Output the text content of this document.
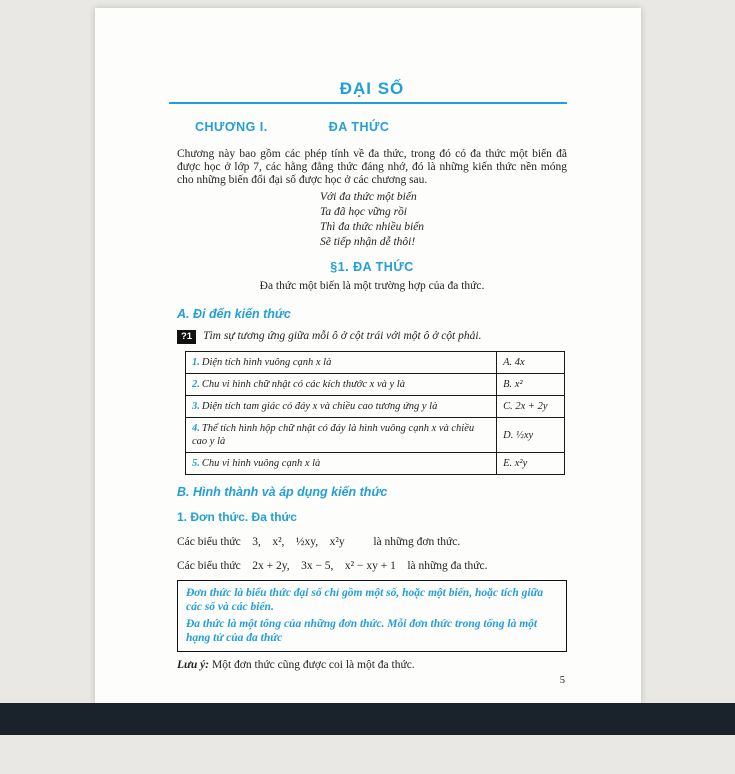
ĐẠI SỐ
CHƯƠNG I.	ĐA THỨC

Chương này bao gồm các phép tính về đa thức, trong đó có đa thức một biến đã được học ở lớp 7, các hằng đẳng thức đáng nhớ, đó là những kiến thức nền móng cho những biến đổi đại số được học ở các chương sau.

Với đa thức một biến
Ta đã học vững rồi
Thì đa thức nhiều biến
Sẽ tiếp nhận dễ thôi!
§1. ĐA THỨC
Đa thức một biến là một trường hợp của đa thức.
A. Đi đến kiến thức
?1 Tìm sự tương ứng giữa mỗi ô ở cột trái với một ô ở cột phải.
1. Diện tích hình vuông cạnh x là	A. 4x
2. Chu vi hình chữ nhật có các kích thước x và y là	B. x²
3. Diện tích tam giác có đáy x và chiều cao tương ứng y là	C. 2x + 2y
4. Thể tích hình hộp chữ nhật có đáy là hình vuông cạnh x và chiều cao y là	D. ½xy
5. Chu vi hình vuông cạnh x là	E. x²y
B. Hình thành và áp dụng kiến thức
1. Đơn thức. Đa thức

Các biểu thức    3,    x²,    ½xy,    x²y          là những đơn thức.

Các biểu thức    2x + 2y,    3x − 5,    x² − xy + 1    là những đa thức.

Đơn thức là biểu thức đại số chỉ gồm một số, hoặc một biến, hoặc tích giữa các số và các biến.

Đa thức là một tổng của những đơn thức. Mỗi đơn thức trong tổng là một hạng tử của đa thức

Lưu ý: Một đơn thức cũng được coi là một đa thức.

5
